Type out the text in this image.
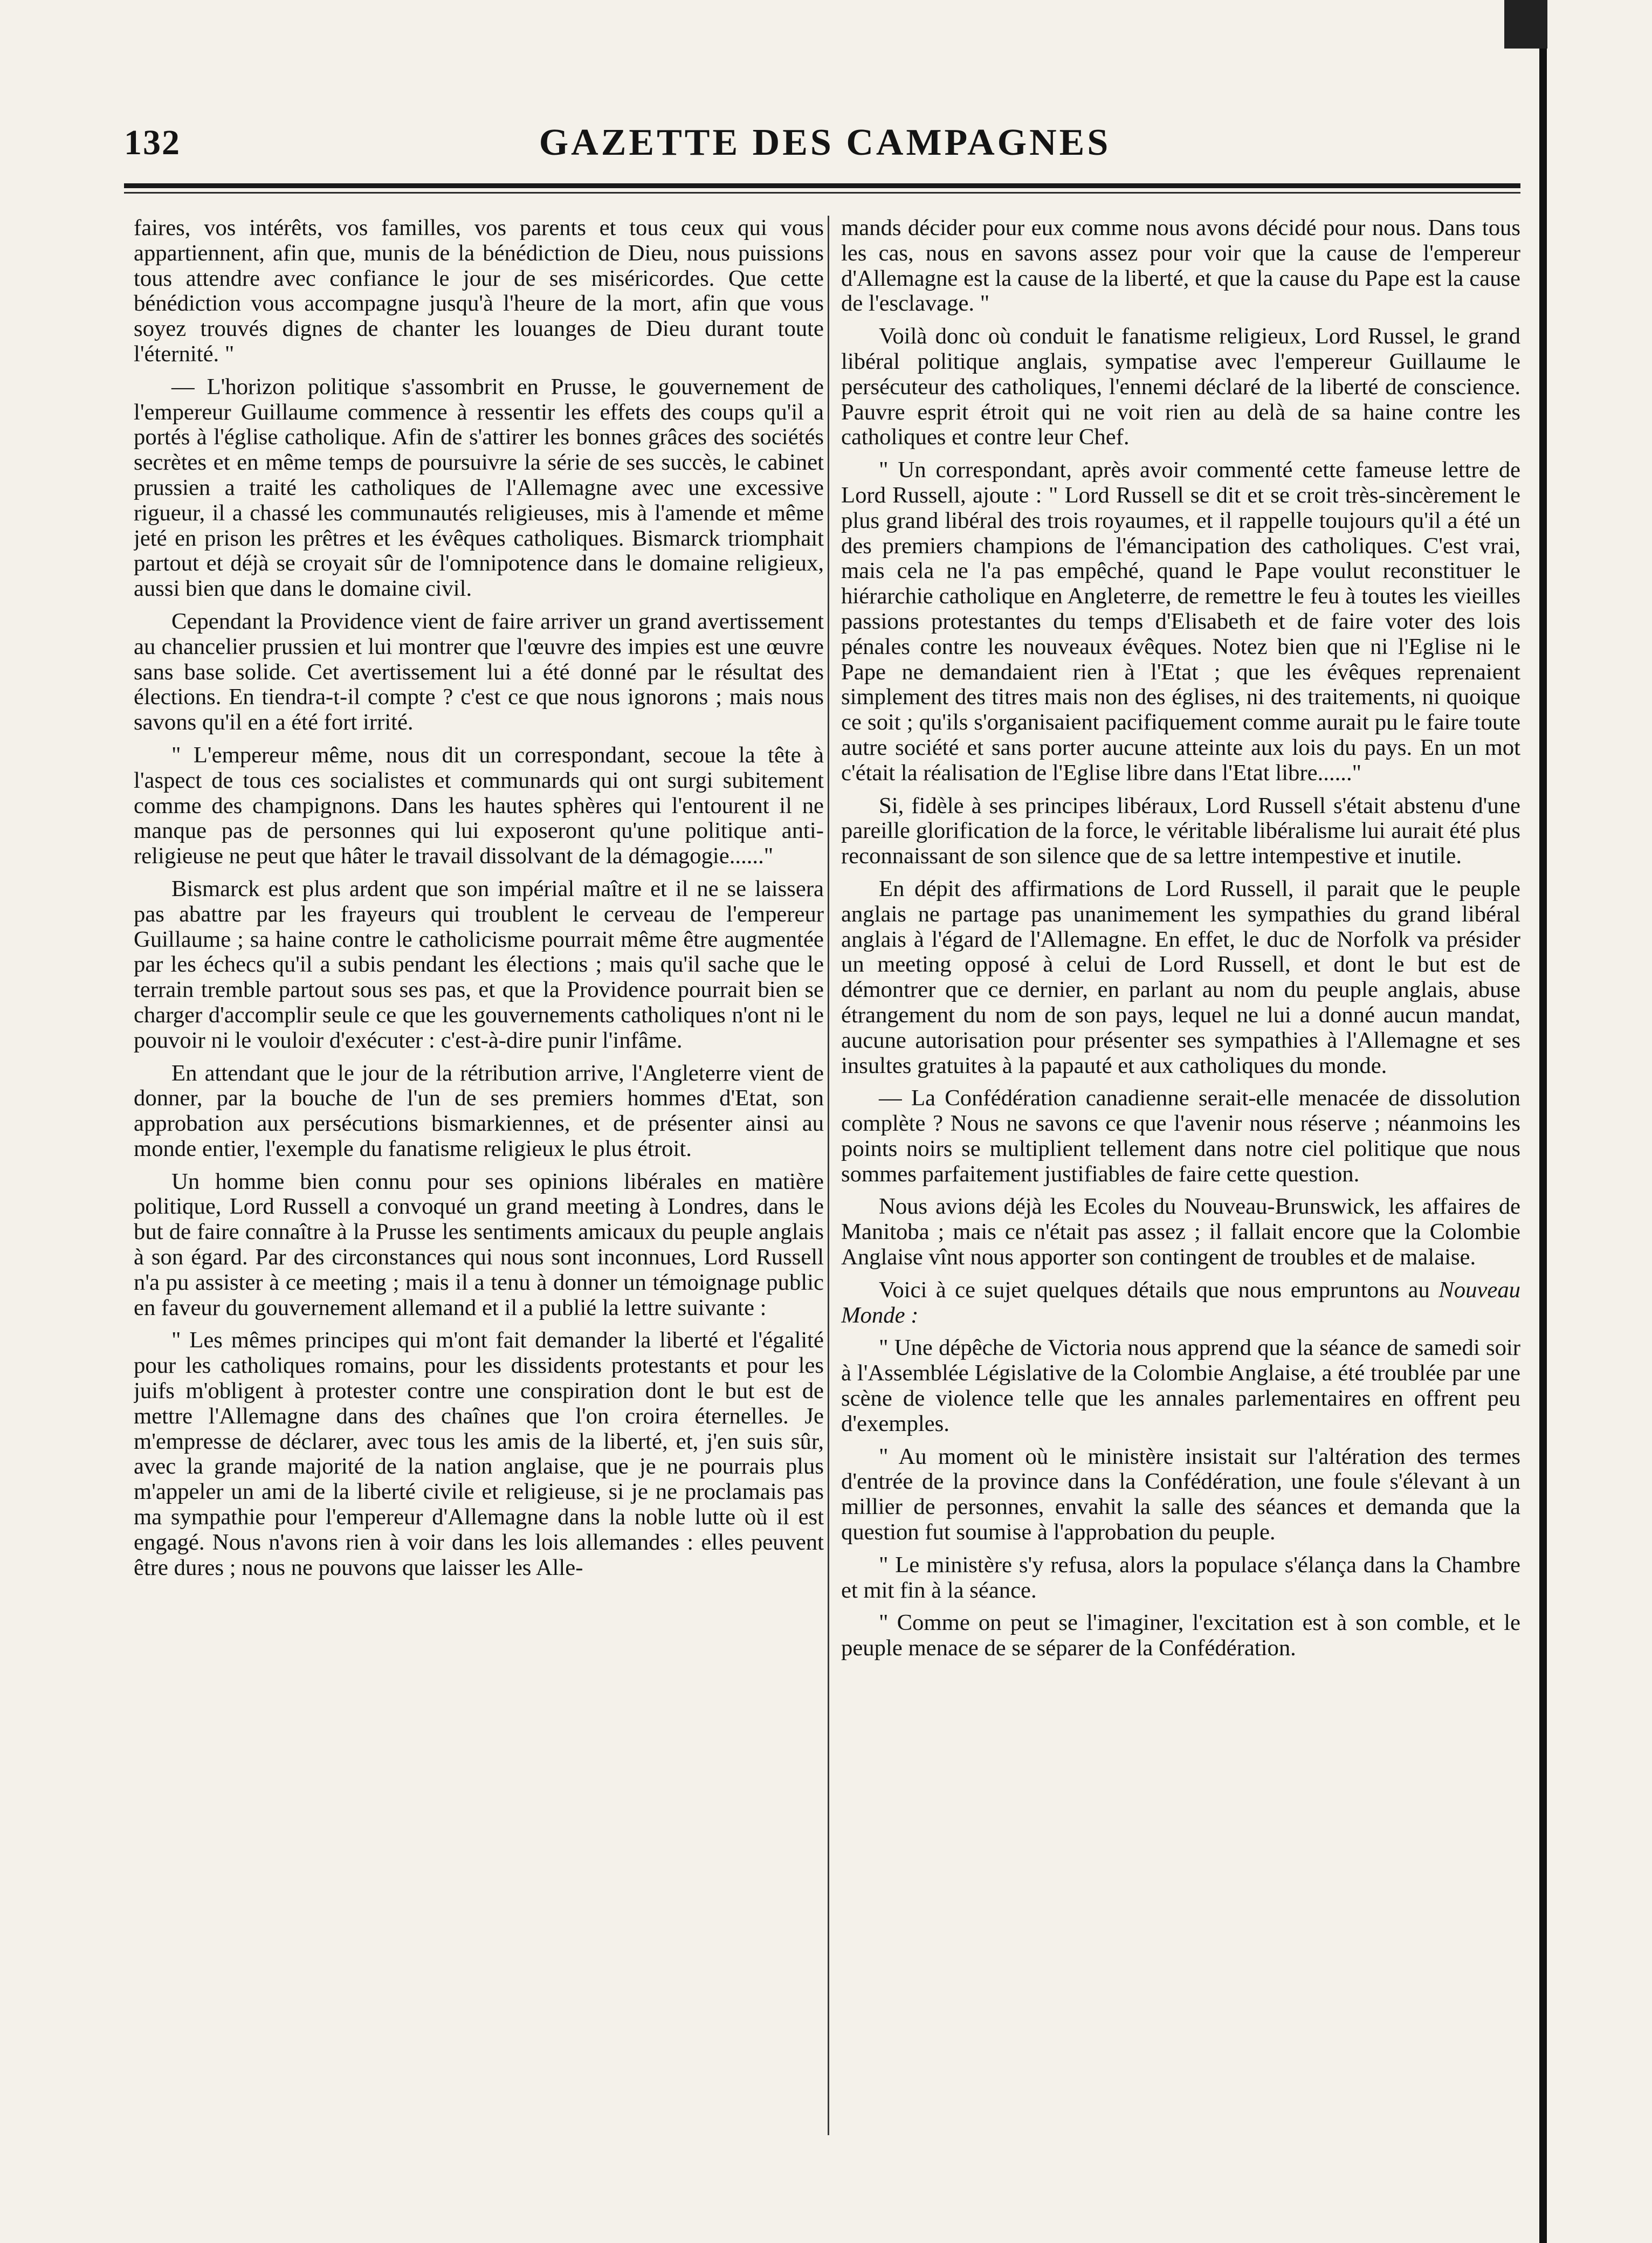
132	GAZETTE DES CAMPAGNES

faires, vos intérêts, vos familles, vos parents et tous ceux qui vous appartiennent, afin que, munis de la bénédiction de Dieu, nous puissions tous attendre avec confiance le jour de ses miséricordes. Que cette bénédiction vous accompagne jusqu'à l'heure de la mort, afin que vous soyez trouvés dignes de chanter les louanges de Dieu durant toute l'éternité. "

— L'horizon politique s'assombrit en Prusse, le gouvernement de l'empereur Guillaume commence à ressentir les effets des coups qu'il a portés à l'église catholique. Afin de s'attirer les bonnes grâces des sociétés secrètes et en même temps de poursuivre la série de ses succès, le cabinet prussien a traité les catholiques de l'Allemagne avec une excessive rigueur, il a chassé les communautés religieuses, mis à l'amende et même jeté en prison les prêtres et les évêques catholiques. Bismarck triomphait partout et déjà se croyait sûr de l'omnipotence dans le domaine religieux, aussi bien que dans le domaine civil.

Cependant la Providence vient de faire arriver un grand avertissement au chancelier prussien et lui montrer que l'œuvre des impies est une œuvre sans base solide. Cet avertissement lui a été donné par le résultat des élections. En tiendra-t-il compte ? c'est ce que nous ignorons ; mais nous savons qu'il en a été fort irrité.

" L'empereur même, nous dit un correspondant, secoue la tête à l'aspect de tous ces socialistes et communards qui ont surgi subitement comme des champignons. Dans les hautes sphères qui l'entourent il ne manque pas de personnes qui lui exposeront qu'une politique anti-religieuse ne peut que hâter le travail dissolvant de la démagogie......"

Bismarck est plus ardent que son impérial maître et il ne se laissera pas abattre par les frayeurs qui troublent le cerveau de l'empereur Guillaume ; sa haine contre le catholicisme pourrait même être augmentée par les échecs qu'il a subis pendant les élections ; mais qu'il sache que le terrain tremble partout sous ses pas, et que la Providence pourrait bien se charger d'accomplir seule ce que les gouvernements catholiques n'ont ni le pouvoir ni le vouloir d'exécuter : c'est-à-dire punir l'infâme.

En attendant que le jour de la rétribution arrive, l'Angleterre vient de donner, par la bouche de l'un de ses premiers hommes d'Etat, son approbation aux persécutions bismarkiennes, et de présenter ainsi au monde entier, l'exemple du fanatisme religieux le plus étroit.

Un homme bien connu pour ses opinions libérales en matière politique, Lord Russell a convoqué un grand meeting à Londres, dans le but de faire connaître à la Prusse les sentiments amicaux du peuple anglais à son égard. Par des circonstances qui nous sont inconnues, Lord Russell n'a pu assister à ce meeting ; mais il a tenu à donner un témoignage public en faveur du gouvernement allemand et il a publié la lettre suivante :

" Les mêmes principes qui m'ont fait demander la liberté et l'égalité pour les catholiques romains, pour les dissidents protestants et pour les juifs m'obligent à protester contre une conspiration dont le but est de mettre l'Allemagne dans des chaînes que l'on croira éternelles. Je m'empresse de déclarer, avec tous les amis de la liberté, et, j'en suis sûr, avec la grande majorité de la nation anglaise, que je ne pourrais plus m'appeler un ami de la liberté civile et religieuse, si je ne proclamais pas ma sympathie pour l'empereur d'Allemagne dans la noble lutte où il est engagé. Nous n'avons rien à voir dans les lois allemandes : elles peuvent être dures ; nous ne pouvons que laisser les Alle-

mands décider pour eux comme nous avons décidé pour nous. Dans tous les cas, nous en savons assez pour voir que la cause de l'empereur d'Allemagne est la cause de la liberté, et que la cause du Pape est la cause de l'esclavage. "

Voilà donc où conduit le fanatisme religieux, Lord Russel, le grand libéral politique anglais, sympatise avec l'empereur Guillaume le persécuteur des catholiques, l'ennemi déclaré de la liberté de conscience. Pauvre esprit étroit qui ne voit rien au delà de sa haine contre les catholiques et contre leur Chef.

" Un correspondant, après avoir commenté cette fameuse lettre de Lord Russell, ajoute : " Lord Russell se dit et se croit très-sincèrement le plus grand libéral des trois royaumes, et il rappelle toujours qu'il a été un des premiers champions de l'émancipation des catholiques. C'est vrai, mais cela ne l'a pas empêché, quand le Pape voulut reconstituer le hiérarchie catholique en Angleterre, de remettre le feu à toutes les vieilles passions protestantes du temps d'Elisabeth et de faire voter des lois pénales contre les nouveaux évêques. Notez bien que ni l'Eglise ni le Pape ne demandaient rien à l'Etat ; que les évêques reprenaient simplement des titres mais non des églises, ni des traitements, ni quoique ce soit ; qu'ils s'organisaient pacifiquement comme aurait pu le faire toute autre société et sans porter aucune atteinte aux lois du pays. En un mot c'était la réalisation de l'Eglise libre dans l'Etat libre......"

Si, fidèle à ses principes libéraux, Lord Russell s'était abstenu d'une pareille glorification de la force, le véritable libéralisme lui aurait été plus reconnaissant de son silence que de sa lettre intempestive et inutile.

En dépit des affirmations de Lord Russell, il parait que le peuple anglais ne partage pas unanimement les sympathies du grand libéral anglais à l'égard de l'Allemagne. En effet, le duc de Norfolk va présider un meeting opposé à celui de Lord Russell, et dont le but est de démontrer que ce dernier, en parlant au nom du peuple anglais, abuse étrangement du nom de son pays, lequel ne lui a donné aucun mandat, aucune autorisation pour présenter ses sympathies à l'Allemagne et ses insultes gratuites à la papauté et aux catholiques du monde.

— La Confédération canadienne serait-elle menacée de dissolution complète ? Nous ne savons ce que l'avenir nous réserve ; néanmoins les points noirs se multiplient tellement dans notre ciel politique que nous sommes parfaitement justifiables de faire cette question.

Nous avions déjà les Ecoles du Nouveau-Brunswick, les affaires de Manitoba ; mais ce n'était pas assez ; il fallait encore que la Colombie Anglaise vînt nous apporter son contingent de troubles et de malaise.

Voici à ce sujet quelques détails que nous empruntons au Nouveau Monde :

" Une dépêche de Victoria nous apprend que la séance de samedi soir à l'Assemblée Législative de la Colombie Anglaise, a été troublée par une scène de violence telle que les annales parlementaires en offrent peu d'exemples.

" Au moment où le ministère insistait sur l'altération des termes d'entrée de la province dans la Confédération, une foule s'élevant à un millier de personnes, envahit la salle des séances et demanda que la question fut soumise à l'approbation du peuple.

" Le ministère s'y refusa, alors la populace s'élança dans la Chambre et mit fin à la séance.

" Comme on peut se l'imaginer, l'excitation est à son comble, et le peuple menace de se séparer de la Confédération.
